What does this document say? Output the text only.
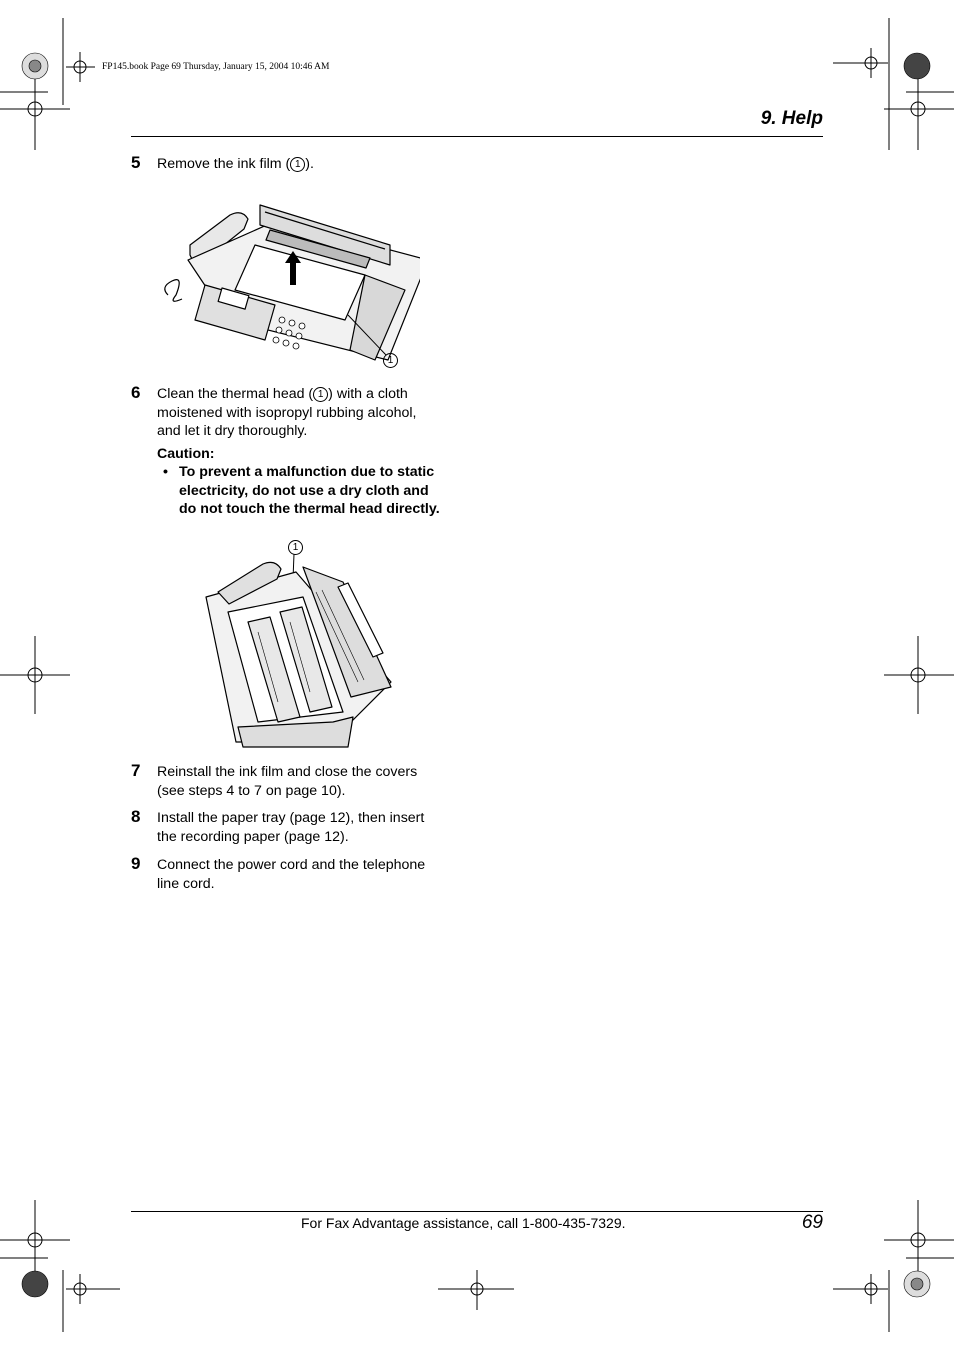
FP145.book Page 69 Thursday, January 15, 2004 10:46 AM
9. Help
5 Remove the ink film ( 1 ).
1
6 Clean the thermal head ( 1 ) with a cloth
moistened with isopropyl rubbing alcohol,
and let it dry thoroughly.
Caution:
• To prevent a malfunction due to static
electricity, do not use a dry cloth and
do not touch the thermal head directly.
1
7 Reinstall the ink film and close the covers
(see steps 4 to 7 on page 10).
8 Install the paper tray (page 12), then insert
the recording paper (page 12).
9 Connect the power cord and the telephone
line cord.
For Fax Advantage assistance, call 1-800-435-7329.	69
